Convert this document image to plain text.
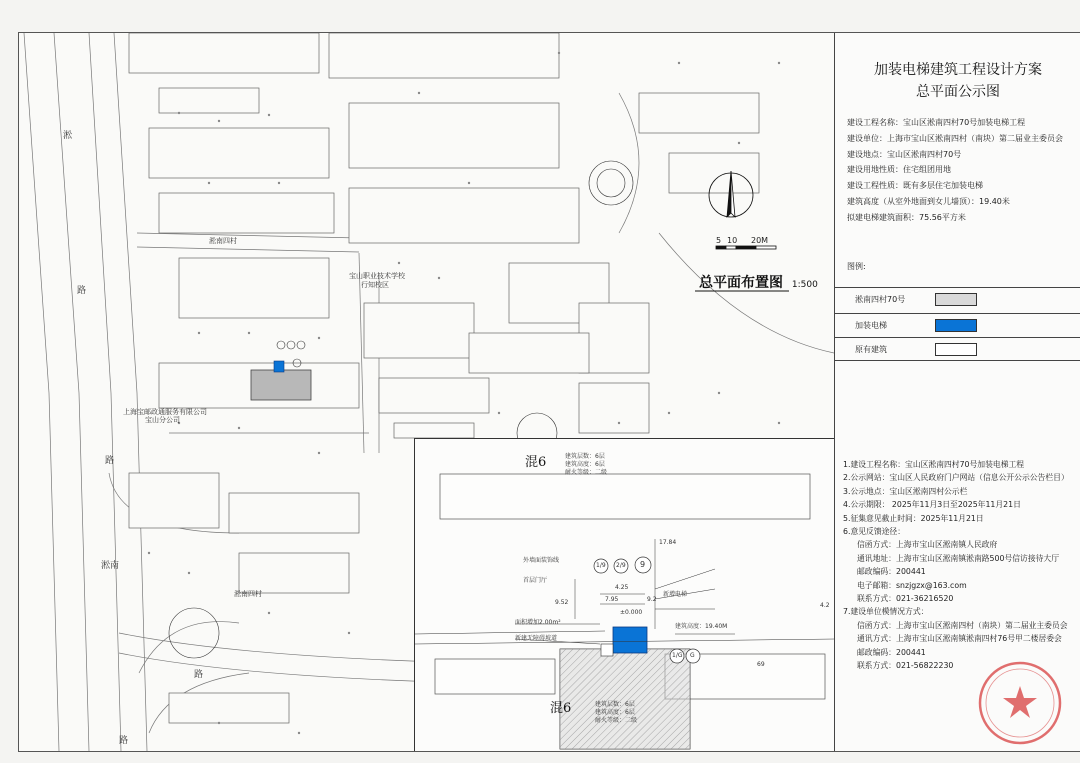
5 10 20M
总平面布置图 1:500
淞南四村
宝山职业技术学校
行知校区
上海宝邮政通服务有限公司
宝山分公司
淞南四村
淞
路
淞南
路
路
路
混6	建筑层数：6层
建筑高度：6层
耐火等级：二级
混6	建筑层数：6层
建筑高度：6层
耐火等级：二级
17.84
9.52
4.25
7.95	9.2
4.2
±0.000
面积增加2.00m²
建筑高度：19.40M
新增电梯
1/9 2/9 9
1/G G
69
外墙面装饰线
首层门厅
新建无障碍坡道
加装电梯建筑工程设计方案
总平面公示图
建设工程名称：宝山区淞南四村70号加装电梯工程
建设单位：上海市宝山区淞南四村（南块）第二届业主委员会
建设地点：宝山区淞南四村70号
建设用地性质：住宅组团用地
建设工程性质：既有多层住宅加装电梯
建筑高度（从室外地面到女儿墙顶）：19.40米
拟建电梯建筑面积：75.56平方米
图例:
淞南四村70号
加装电梯
原有建筑
1.建设工程名称：宝山区淞南四村70号加装电梯工程
2.公示网站：宝山区人民政府门户网站（信息公开公示公告栏目）
3.公示地点：宝山区淞南四村公示栏
4.公示期限： 2025年11月3日至2025年11月21日
5.征集意见截止时间：2025年11月21日
6.意见反馈途径：
信函方式：上海市宝山区淞南镇人民政府
通讯地址：上海市宝山区淞南镇淞南路500号信访接待大厅
邮政编码：200441
电子邮箱：snzjgzx@163.com
联系方式：021-36216520
7.建设单位模情况方式：
信函方式：上海市宝山区淞南四村（南块）第二届业主委员会
通讯方式：上海市宝山区淞南镇淞南四村76号甲二楼居委会
邮政编码：200441
联系方式：021-56822230
